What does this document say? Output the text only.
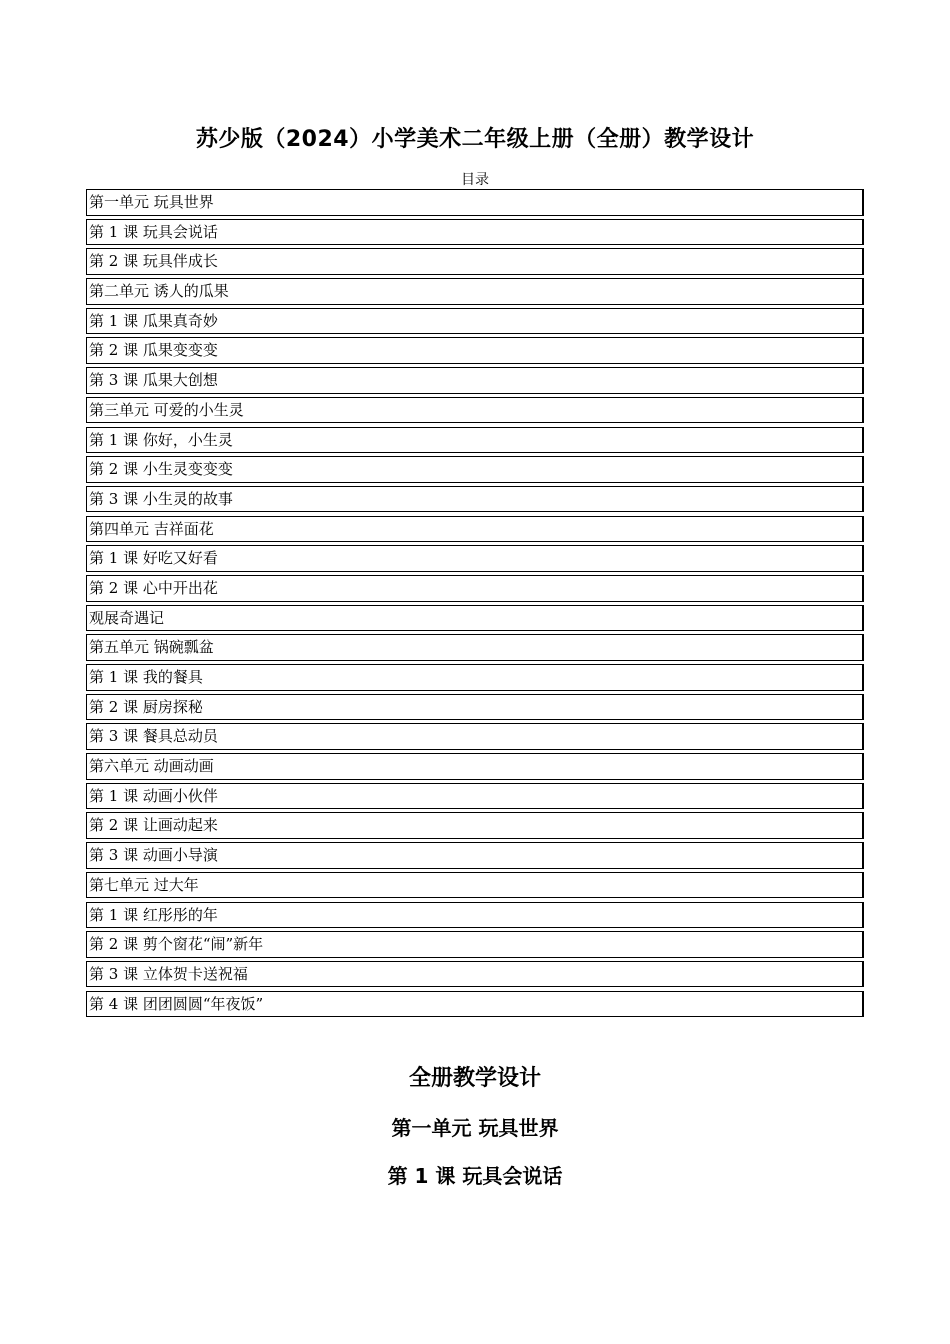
苏少版（2024）小学美术二年级上册（全册）教学设计
目录
第一单元 玩具世界
第 1 课 玩具会说话
第 2 课 玩具伴成长
第二单元 诱人的瓜果
第 1 课 瓜果真奇妙
第 2 课 瓜果变变变
第 3 课 瓜果大创想
第三单元 可爱的小生灵
第 1 课 你好，小生灵
第 2 课 小生灵变变变
第 3 课 小生灵的故事
第四单元 吉祥面花
第 1 课 好吃又好看
第 2 课 心中开出花
观展奇遇记
第五单元 锅碗瓢盆
第 1 课 我的餐具
第 2 课 厨房探秘
第 3 课 餐具总动员
第六单元 动画动画
第 1 课 动画小伙伴
第 2 课 让画动起来
第 3 课 动画小导演
第七单元 过大年
第 1 课 红彤彤的年
第 2 课 剪个窗花“闹”新年
第 3 课 立体贺卡送祝福
第 4 课 团团圆圆“年夜饭”
全册教学设计
第一单元 玩具世界
第 1 课 玩具会说话
